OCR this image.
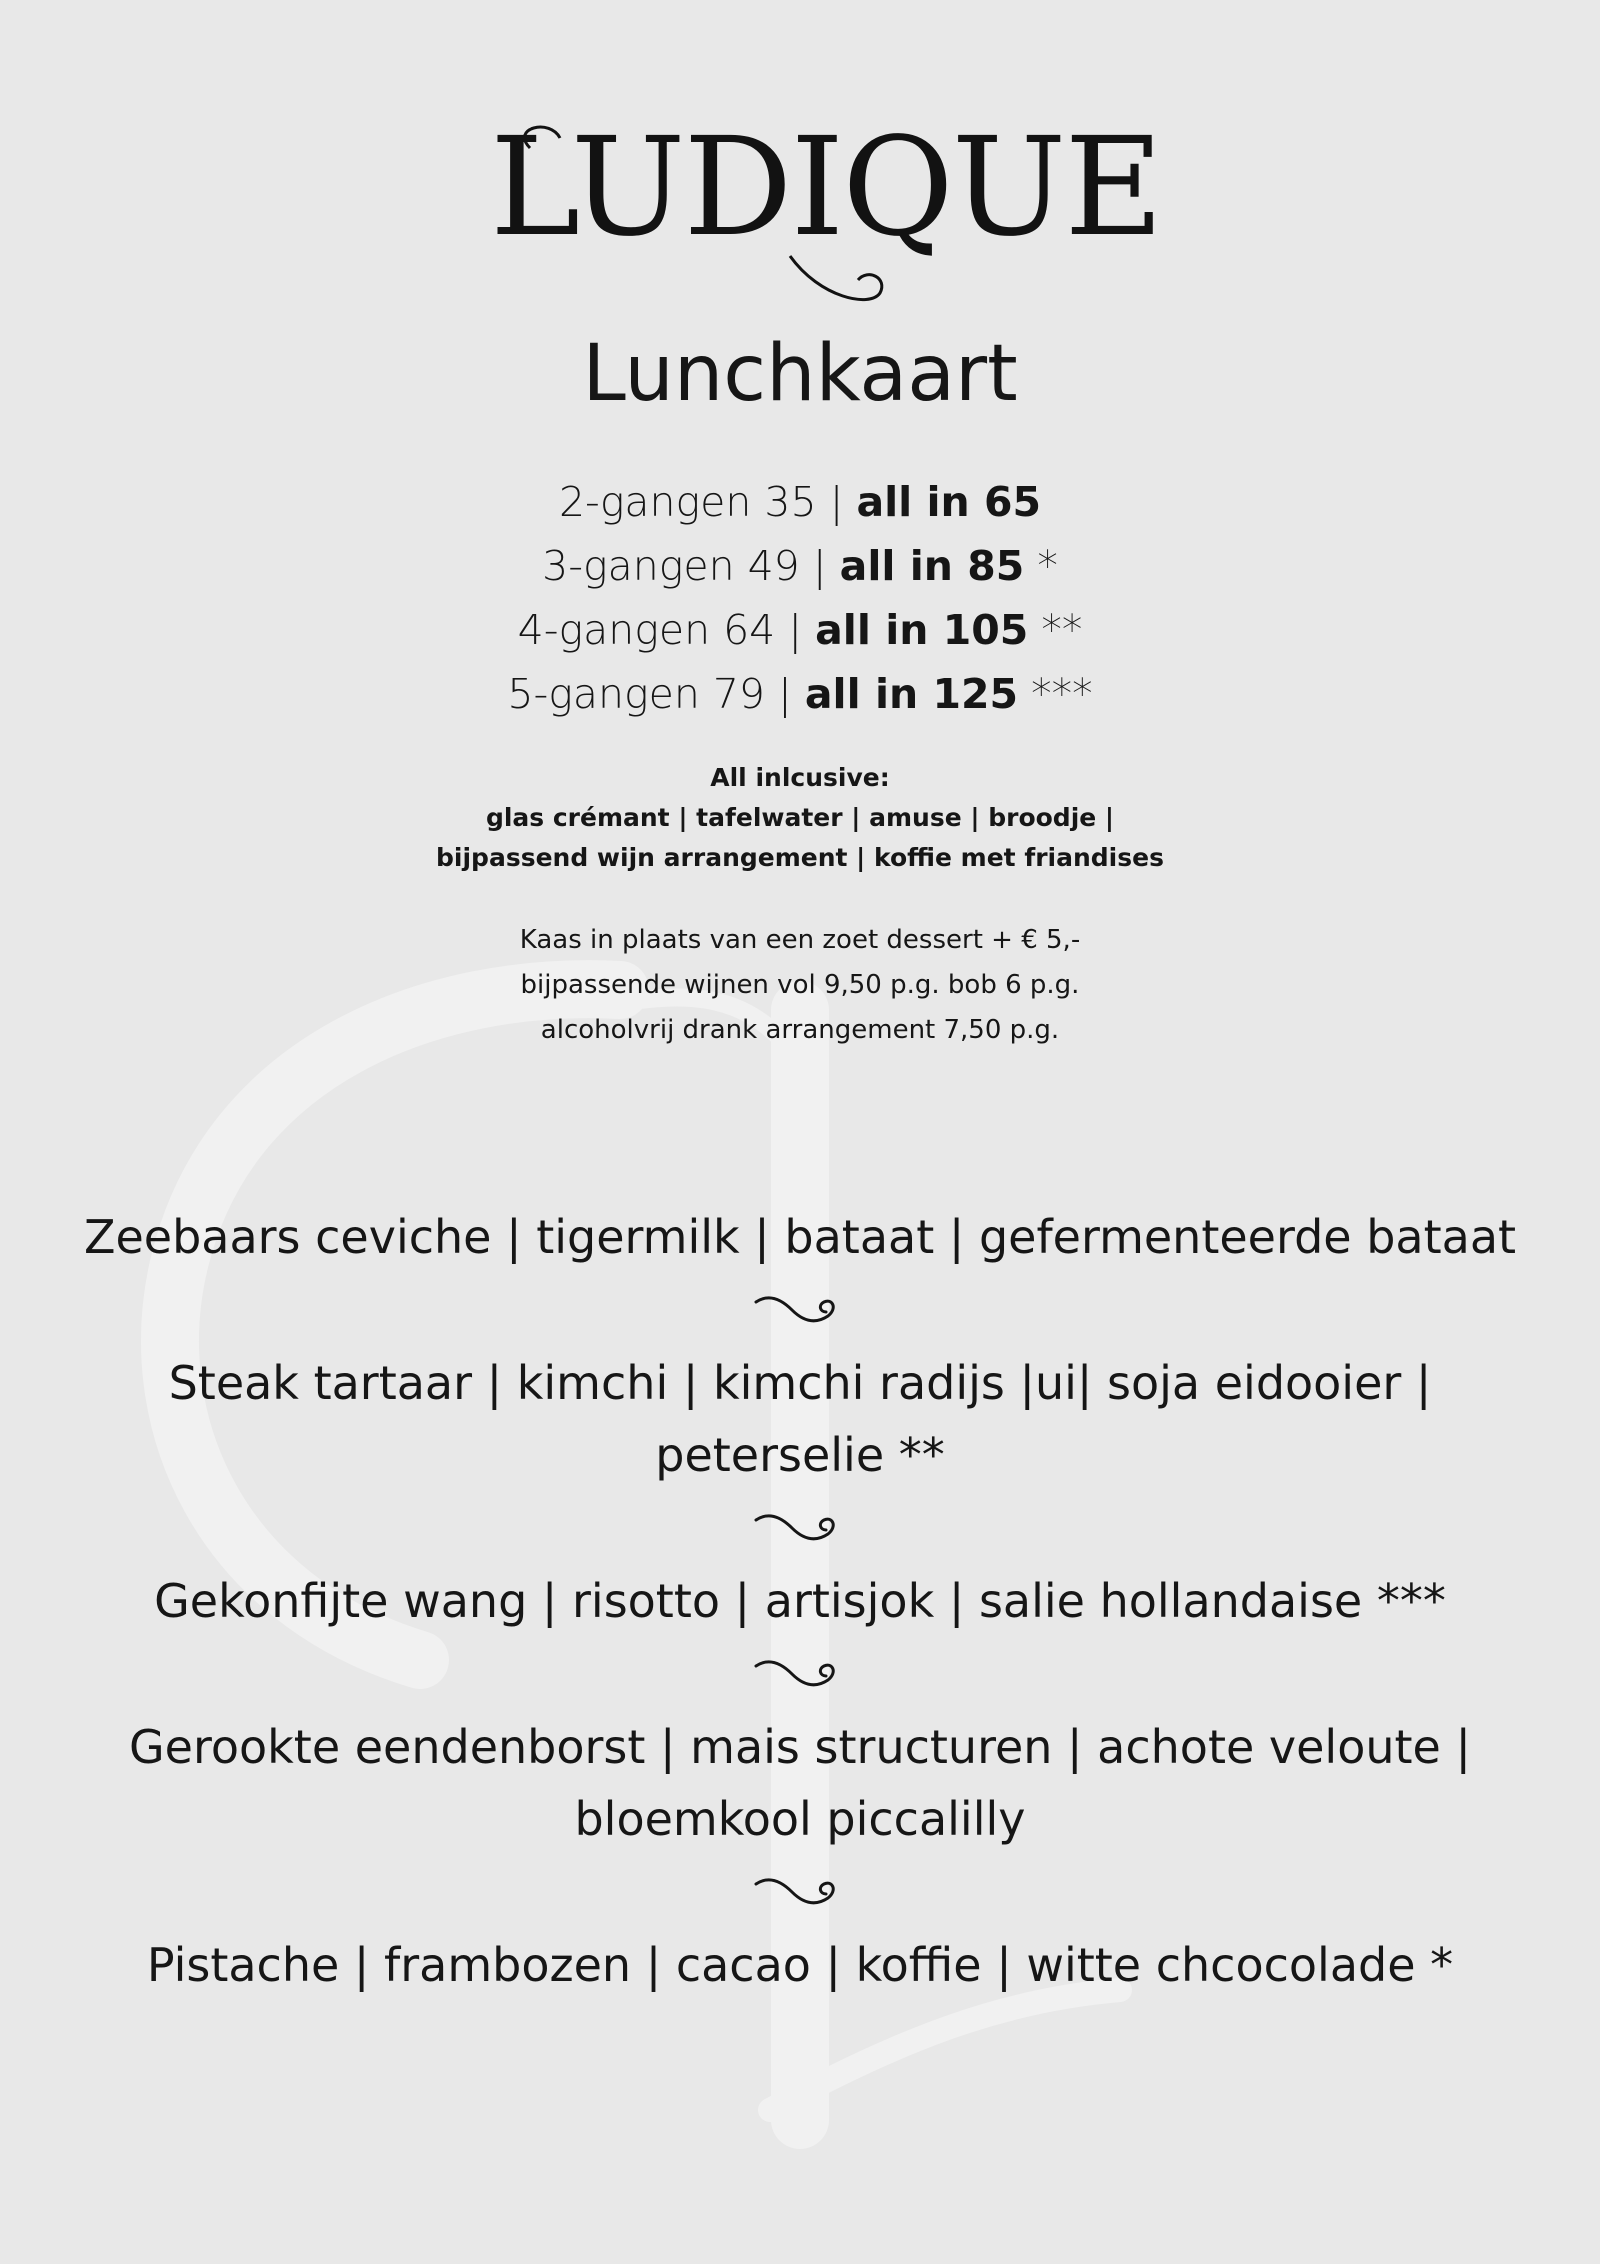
LUDIQUE
Lunchkaart
2-gangen 35 | all in 65
3-gangen 49 | all in 85 *
4-gangen 64 | all in 105 **
5-gangen 79 | all in 125 ***
All inlcusive:
glas crémant | tafelwater | amuse | broodje |
bijpassend wijn arrangement | koffie met friandises
Kaas in plaats van een zoet dessert + € 5,-
bijpassende wijnen vol 9,50 p.g. bob 6 p.g.
alcoholvrij drank arrangement 7,50 p.g.
Zeebaars ceviche | tigermilk | bataat | gefermenteerde bataat
Steak tartaar | kimchi | kimchi radijs |ui| soja eidooier | peterselie **
Gekonfijte wang | risotto | artisjok | salie hollandaise ***
Gerookte eendenborst | mais structuren | achote veloute | bloemkool piccalilly
Pistache | frambozen | cacao | koffie | witte chcocolade *
